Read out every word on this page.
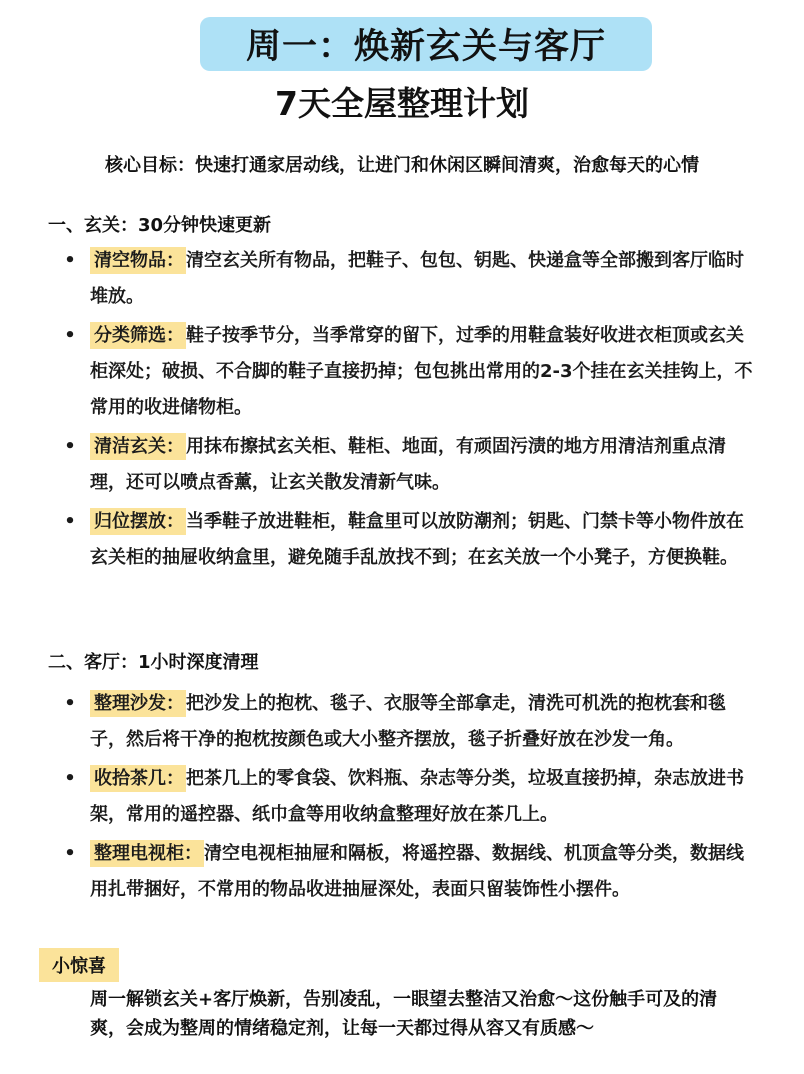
周一：焕新玄关与客厅
7天全屋整理计划
核心目标：快速打通家居动线，让进门和休闲区瞬间清爽，治愈每天的心情
一、玄关：30分钟快速更新
• 清空物品： 清空玄关所有物品，把鞋子、包包、钥匙、快递盒等全部搬到客厅临时堆放。
• 分类筛选： 鞋子按季节分，当季常穿的留下，过季的用鞋盒装好收进衣柜顶或玄关柜深处；破损、不合脚的鞋子直接扔掉；包包挑出常用的2-3个挂在玄关挂钩上，不常用的收进储物柜。
• 清洁玄关： 用抹布擦拭玄关柜、鞋柜、地面，有顽固污渍的地方用清洁剂重点清理，还可以喷点香薰，让玄关散发清新气味。
• 归位摆放： 当季鞋子放进鞋柜，鞋盒里可以放防潮剂；钥匙、门禁卡等小物件放在玄关柜的抽屉收纳盒里，避免随手乱放找不到；在玄关放一个小凳子，方便换鞋。
二、客厅：1小时深度清理
• 整理沙发： 把沙发上的抱枕、毯子、衣服等全部拿走，清洗可机洗的抱枕套和毯子，然后将干净的抱枕按颜色或大小整齐摆放，毯子折叠好放在沙发一角。
• 收拾茶几： 把茶几上的零食袋、饮料瓶、杂志等分类，垃圾直接扔掉，杂志放进书架，常用的遥控器、纸巾盒等用收纳盒整理好放在茶几上。
• 整理电视柜： 清空电视柜抽屉和隔板，将遥控器、数据线、机顶盒等分类，数据线用扎带捆好，不常用的物品收进抽屉深处，表面只留装饰性小摆件。
小惊喜
周一解锁玄关+客厅焕新，告别凌乱，一眼望去整洁又治愈～这份触手可及的清爽，会成为整周的情绪稳定剂，让每一天都过得从容又有质感～
